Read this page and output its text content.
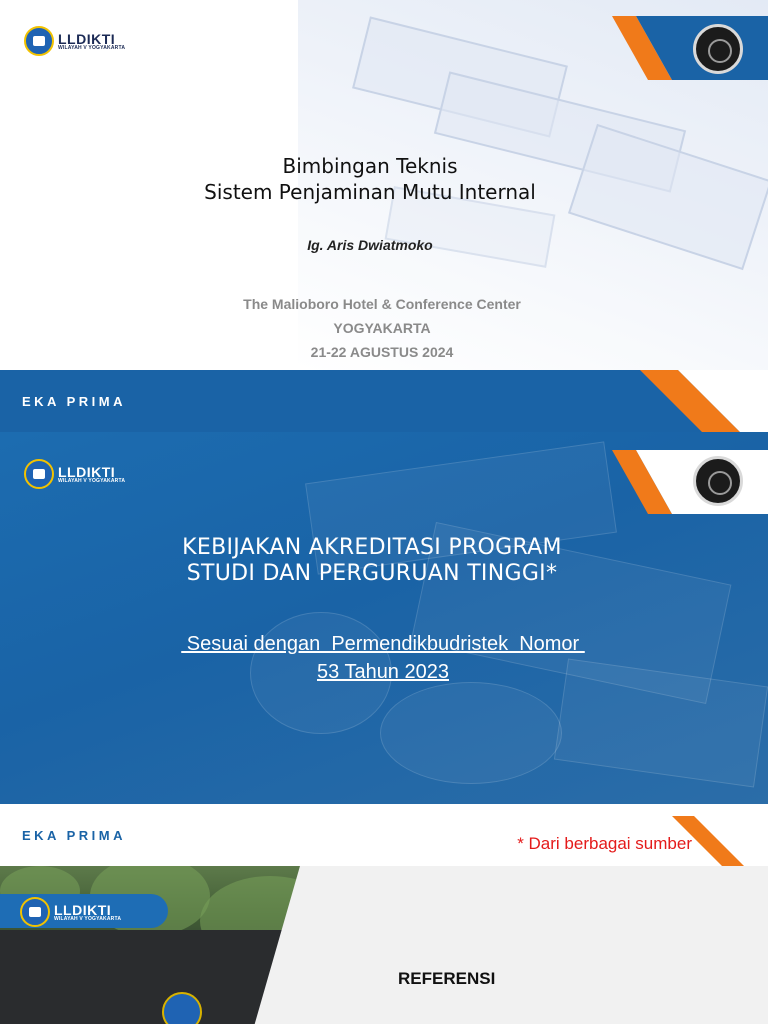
LLDIKTI
WILAYAH V YOGYAKARTA
Bimbingan Teknis
Sistem Penjaminan Mutu Internal
Ig. Aris Dwiatmoko
The Malioboro Hotel & Conference Center
YOGYAKARTA
21-22 AGUSTUS 2024
EKA PRIMA
LLDIKTI
WILAYAH V YOGYAKARTA
KEBIJAKAN AKREDITASI PROGRAM
STUDI DAN PERGURUAN TINGGI*
Sesuai dengan  Permendikbudristek  Nomor
53 Tahun 2023
EKA PRIMA	* Dari berbagai sumber
LLDIKTI
WILAYAH V YOGYAKARTA
REFERENSI
